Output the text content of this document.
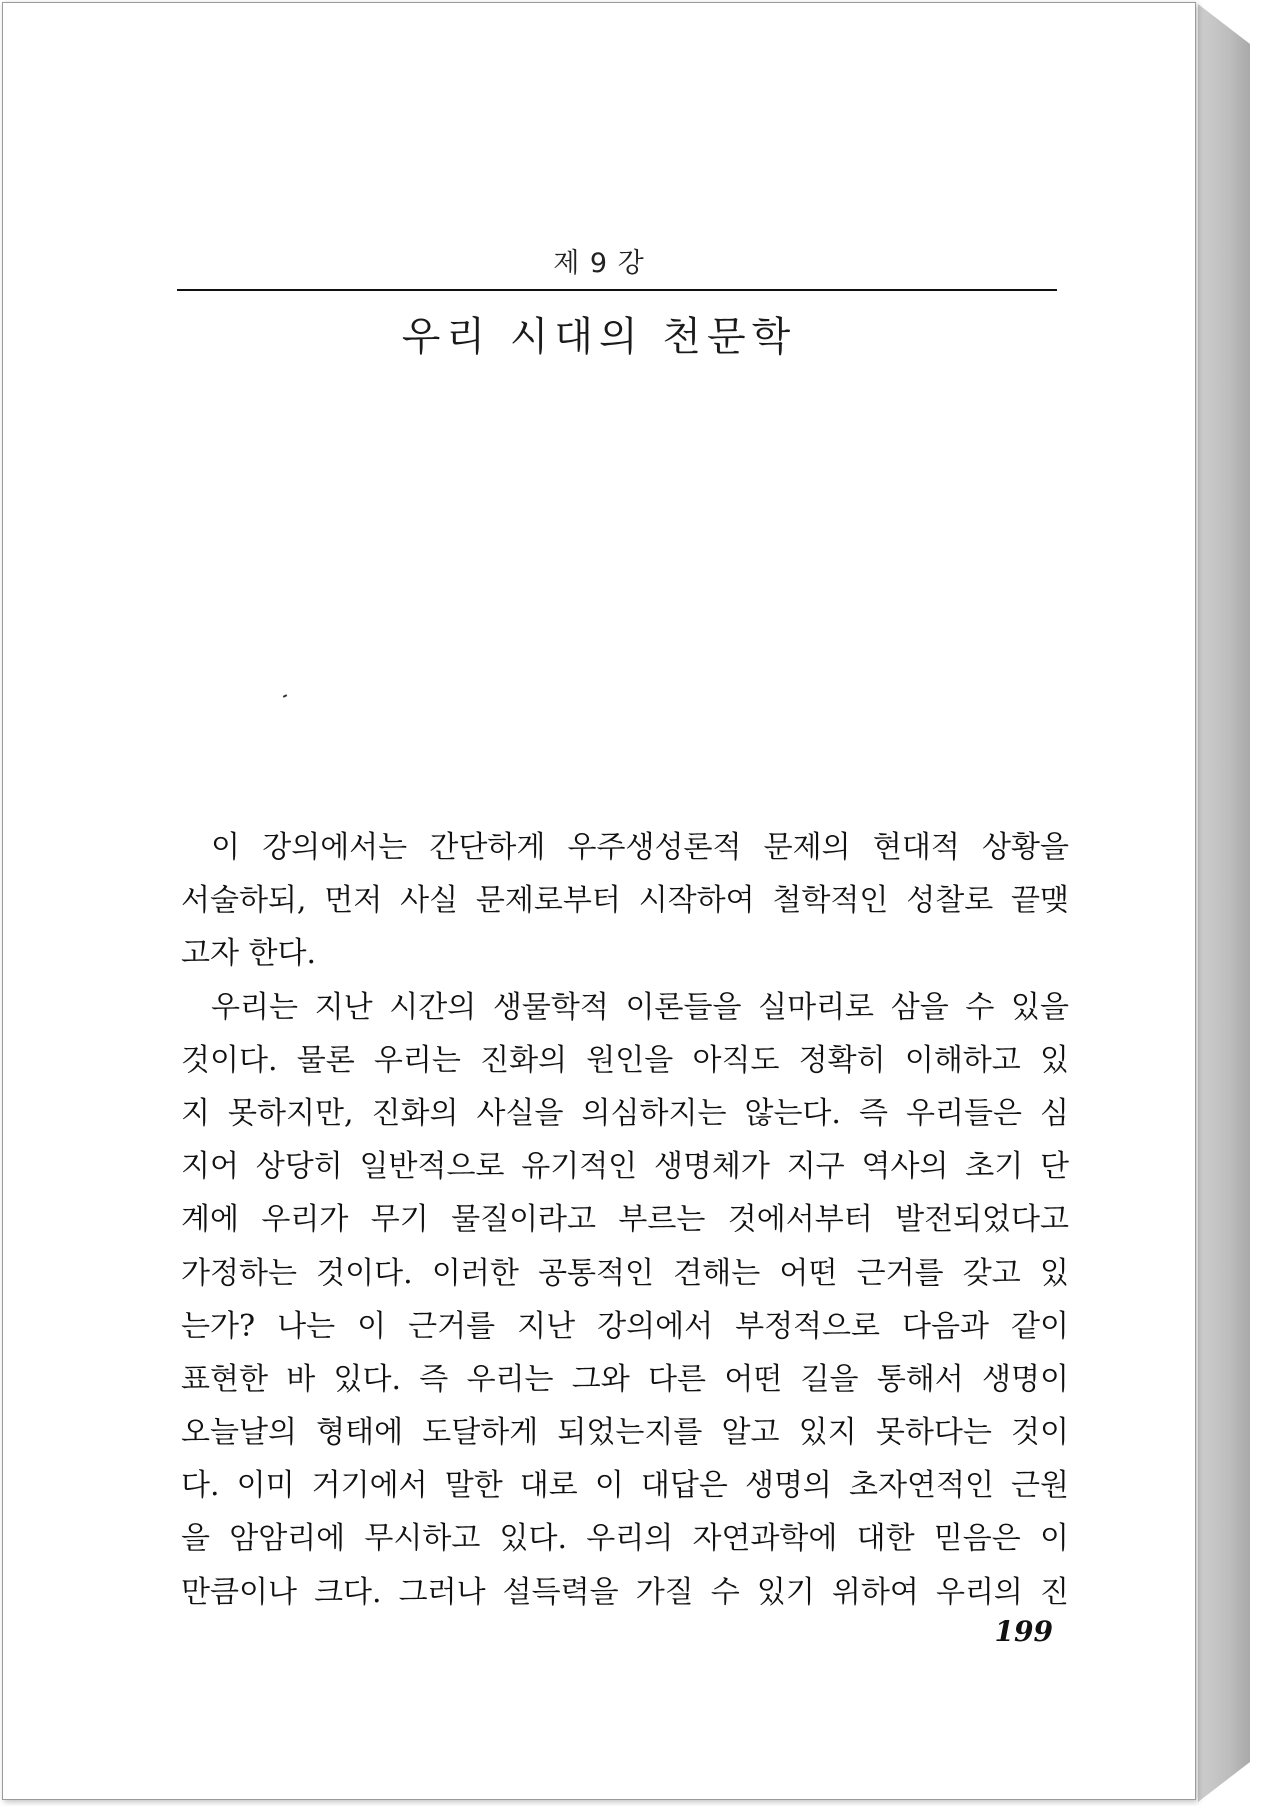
제 9 강
우리 시대의 천문학
이 강의에서는 간단하게 우주생성론적 문제의 현대적 상황을
서술하되, 먼저 사실 문제로부터 시작하여 철학적인 성찰로 끝맺
고자 한다.
우리는 지난 시간의 생물학적 이론들을 실마리로 삼을 수 있을
것이다. 물론 우리는 진화의 원인을 아직도 정확히 이해하고 있
지 못하지만, 진화의 사실을 의심하지는 않는다. 즉 우리들은 심
지어 상당히 일반적으로 유기적인 생명체가 지구 역사의 초기 단
계에 우리가 무기 물질이라고 부르는 것에서부터 발전되었다고
가정하는 것이다. 이러한 공통적인 견해는 어떤 근거를 갖고 있
는가? 나는 이 근거를 지난 강의에서 부정적으로 다음과 같이
표현한 바 있다. 즉 우리는 그와 다른 어떤 길을 통해서 생명이
오늘날의 형태에 도달하게 되었는지를 알고 있지 못하다는 것이
다. 이미 거기에서 말한 대로 이 대답은 생명의 초자연적인 근원
을 암암리에 무시하고 있다. 우리의 자연과학에 대한 믿음은 이
만큼이나 크다. 그러나 설득력을 가질 수 있기 위하여 우리의 진
199
